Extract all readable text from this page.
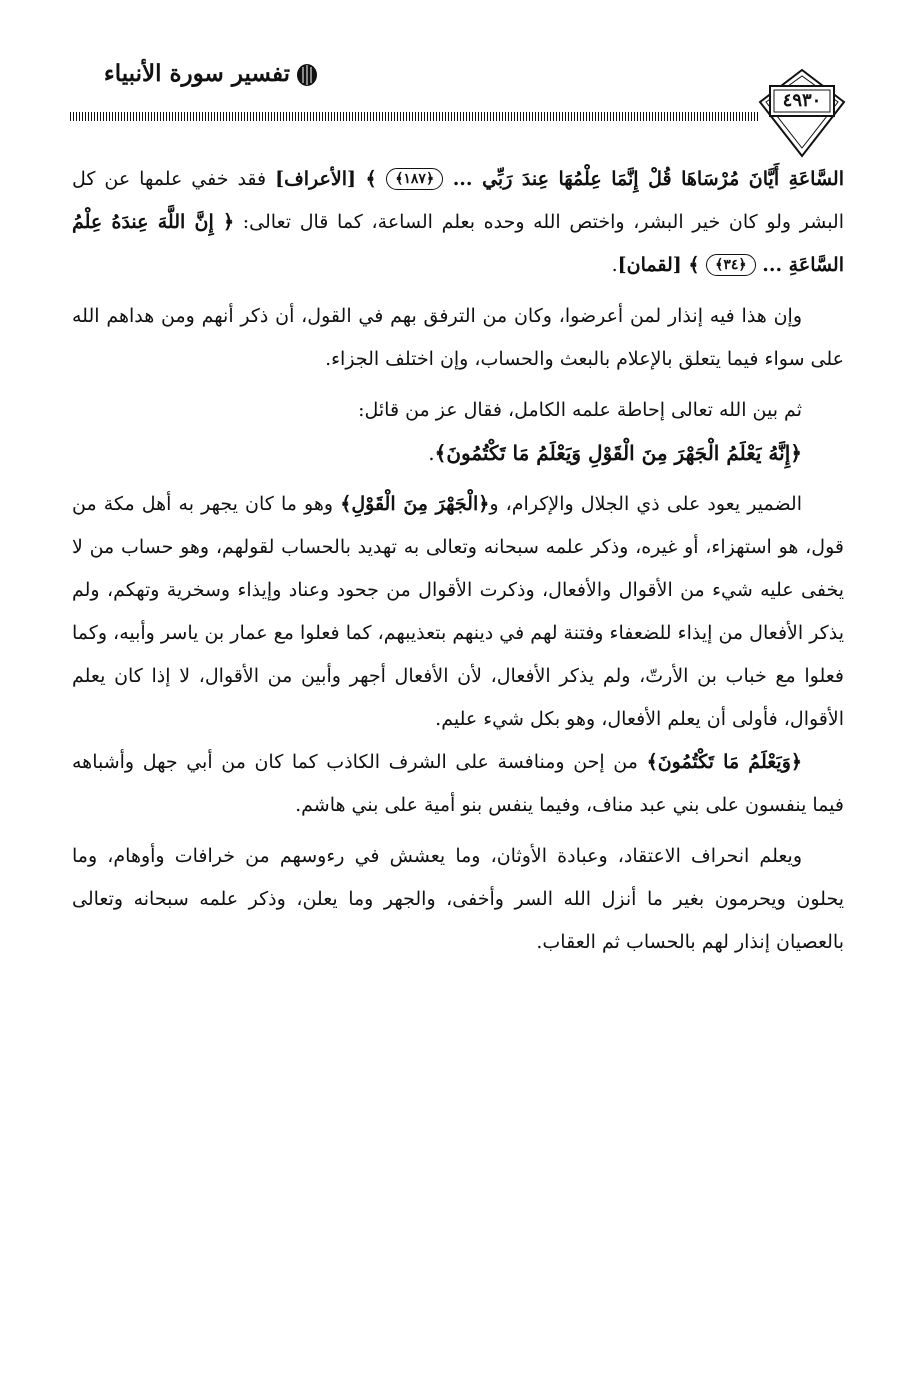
تفسير سورة الأنبياء
٤٩٣٠

السَّاعَةِ أَيَّانَ مُرْسَاهَا قُلْ إِنَّمَا عِلْمُهَا عِندَ رَبِّي ... ﴿١٨٧﴾ ﴾ [الأعراف] فقد خفي علمها عن كل البشر ولو كان خير البشر، واختص الله وحده بعلم الساعة، كما قال تعالى: ﴿ إِنَّ اللَّهَ عِندَهُ عِلْمُ السَّاعَةِ ... ﴿٣٤﴾ ﴾ [لقمان].

وإن هذا فيه إنذار لمن أعرضوا، وكان من الترفق بهم في القول، أن ذكر أنهم ومن هداهم الله على سواء فيما يتعلق بالإعلام بالبعث والحساب، وإن اختلف الجزاء.

ثم بين الله تعالى إحاطة علمه الكامل، فقال عز من قائل:

﴿إِنَّهُ يَعْلَمُ الْجَهْرَ مِنَ الْقَوْلِ وَيَعْلَمُ مَا تَكْتُمُونَ﴾.

الضمير يعود على ذي الجلال والإكرام، و﴿الْجَهْرَ مِنَ الْقَوْلِ﴾ وهو ما كان يجهر به أهل مكة من قول، هو استهزاء، أو غيره، وذكر علمه سبحانه وتعالى به تهديد بالحساب لقولهم، وهو حساب من لا يخفى عليه شيء من الأقوال والأفعال، وذكرت الأقوال من جحود وعناد وإيذاء وسخرية وتهكم، ولم يذكر الأفعال من إيذاء للضعفاء وفتنة لهم في دينهم بتعذيبهم، كما فعلوا مع عمار بن ياسر وأبيه، وكما فعلوا مع خباب بن الأرتّ، ولم يذكر الأفعال، لأن الأفعال أجهر وأبين من الأقوال، لا إذا كان يعلم الأقوال، فأولى أن يعلم الأفعال، وهو بكل شيء عليم.

﴿وَيَعْلَمُ مَا تَكْتُمُونَ﴾ من إحن ومنافسة على الشرف الكاذب كما كان من أبي جهل وأشباهه فيما ينفسون على بني عبد مناف، وفيما ينفس بنو أمية على بني هاشم.

ويعلم انحراف الاعتقاد، وعبادة الأوثان، وما يعشش في رءوسهم من خرافات وأوهام، وما يحلون ويحرمون بغير ما أنزل الله السر وأخفى، والجهر وما يعلن، وذكر علمه سبحانه وتعالى بالعصيان إنذار لهم بالحساب ثم العقاب.
